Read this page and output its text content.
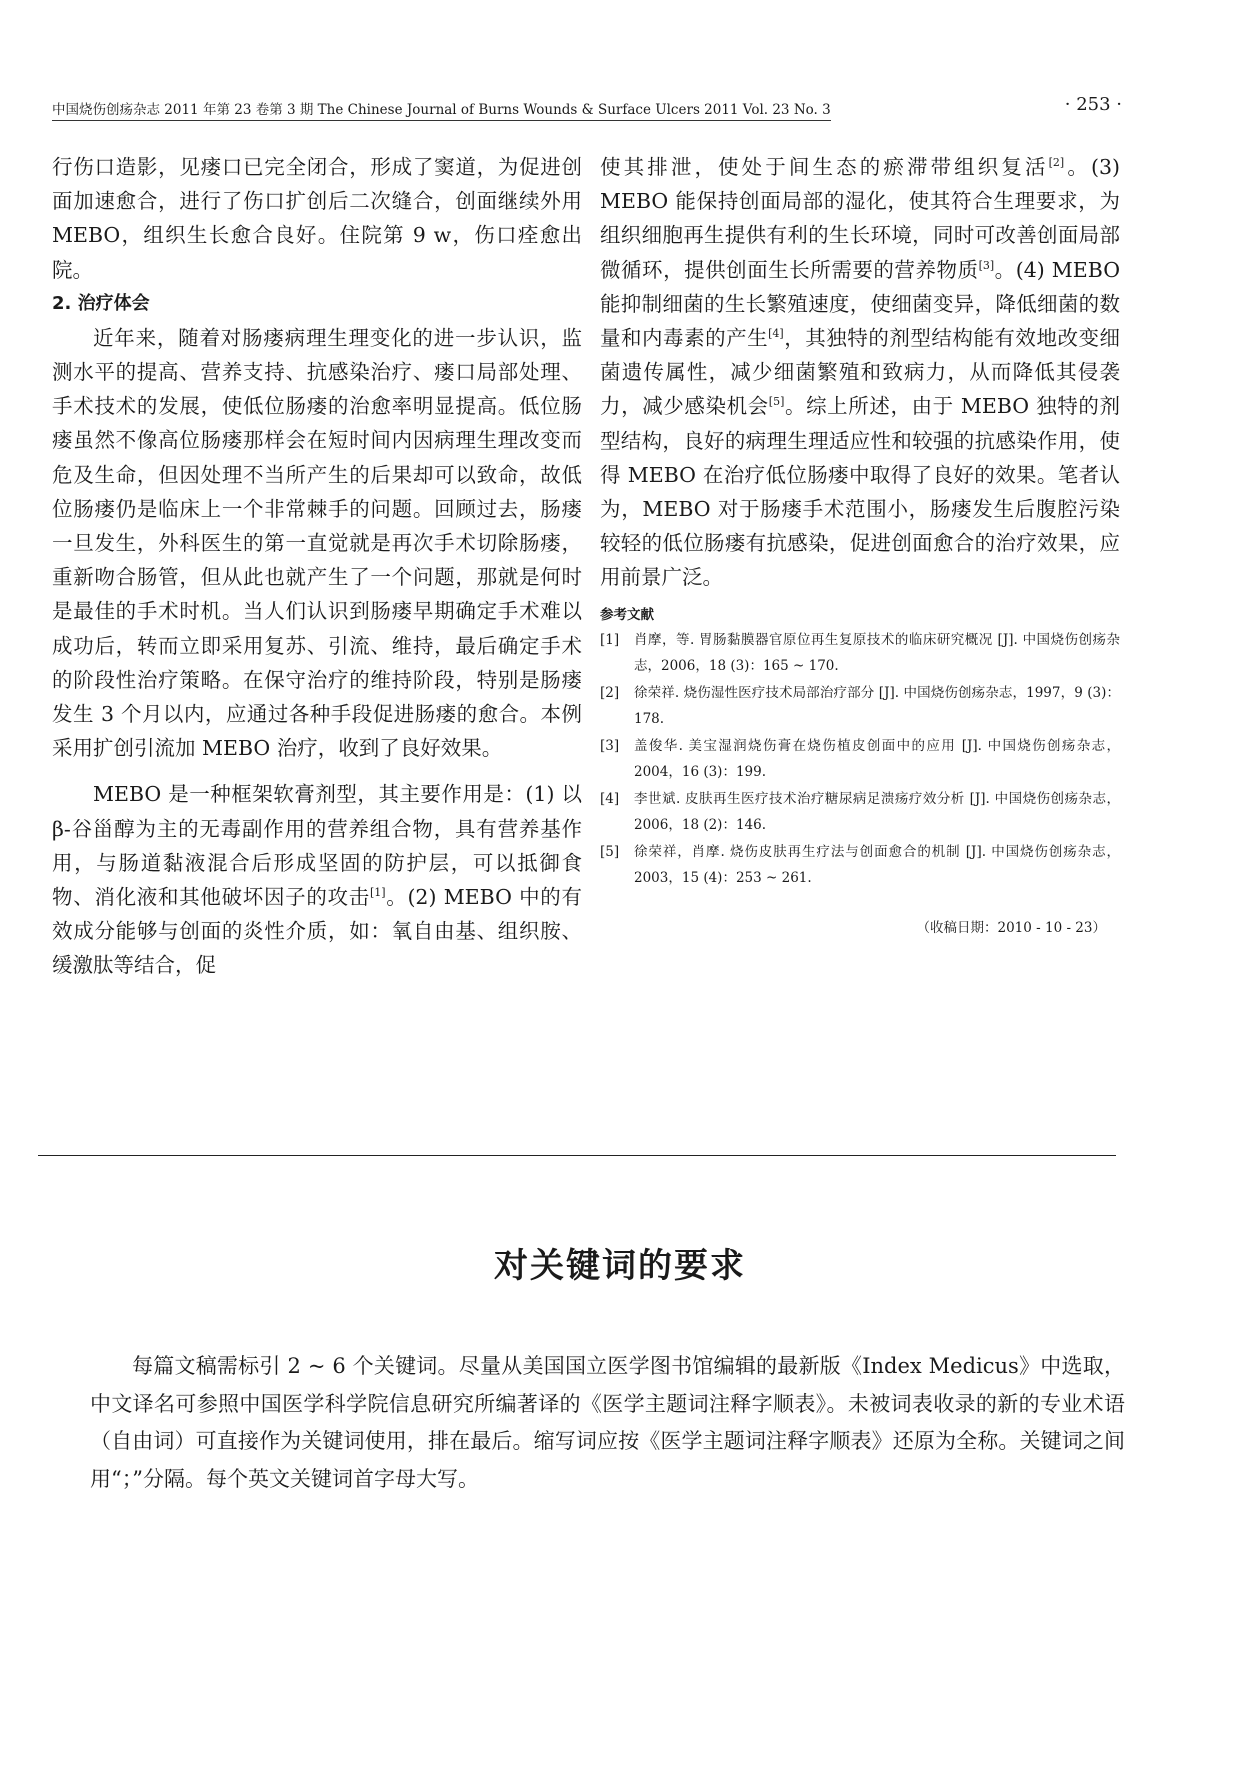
中国烧伤创疡杂志 2011 年第 23 卷第 3 期 The Chinese Journal of Burns Wounds & Surface Ulcers 2011 Vol. 23 No. 3	· 253 ·

行伤口造影，见瘘口已完全闭合，形成了窦道，为促进创面加速愈合，进行了伤口扩创后二次缝合，创面继续外用 MEBO，组织生长愈合良好。住院第 9 w，伤口痊愈出院。

2. 治疗体会

近年来，随着对肠瘘病理生理变化的进一步认识，监测水平的提高、营养支持、抗感染治疗、瘘口局部处理、手术技术的发展，使低位肠瘘的治愈率明显提高。低位肠瘘虽然不像高位肠瘘那样会在短时间内因病理生理改变而危及生命，但因处理不当所产生的后果却可以致命，故低位肠瘘仍是临床上一个非常棘手的问题。回顾过去，肠瘘一旦发生，外科医生的第一直觉就是再次手术切除肠瘘，重新吻合肠管，但从此也就产生了一个问题，那就是何时是最佳的手术时机。当人们认识到肠瘘早期确定手术难以成功后，转而立即采用复苏、引流、维持，最后确定手术的阶段性治疗策略。在保守治疗的维持阶段，特别是肠瘘发生 3 个月以内，应通过各种手段促进肠瘘的愈合。本例采用扩创引流加 MEBO 治疗，收到了良好效果。

MEBO 是一种框架软膏剂型，其主要作用是：(1) 以 β-谷甾醇为主的无毒副作用的营养组合物，具有营养基作用，与肠道黏液混合后形成坚固的防护层，可以抵御食物、消化液和其他破坏因子的攻击[1]。(2) MEBO 中的有效成分能够与创面的炎性介质，如：氧自由基、组织胺、缓激肽等结合，促

使其排泄，使处于间生态的瘀滞带组织复活[2]。(3) MEBO 能保持创面局部的湿化，使其符合生理要求，为组织细胞再生提供有利的生长环境，同时可改善创面局部微循环，提供创面生长所需要的营养物质[3]。(4) MEBO 能抑制细菌的生长繁殖速度，使细菌变异，降低细菌的数量和内毒素的产生[4]，其独特的剂型结构能有效地改变细菌遗传属性，减少细菌繁殖和致病力，从而降低其侵袭力，减少感染机会[5]。综上所述，由于 MEBO 独特的剂型结构，良好的病理生理适应性和较强的抗感染作用，使得 MEBO 在治疗低位肠瘘中取得了良好的效果。笔者认为，MEBO 对于肠瘘手术范围小，肠瘘发生后腹腔污染较轻的低位肠瘘有抗感染，促进创面愈合的治疗效果，应用前景广泛。

参考文献
[1]	肖摩，等. 胃肠黏膜器官原位再生复原技术的临床研究概况 [J]. 中国烧伤创疡杂志，2006，18 (3)：165 ~ 170.
[2]	徐荣祥. 烧伤湿性医疗技术局部治疗部分 [J]. 中国烧伤创疡杂志，1997，9 (3)：178.
[3]	盖俊华. 美宝湿润烧伤膏在烧伤植皮创面中的应用 [J]. 中国烧伤创疡杂志，2004，16 (3)：199.
[4]	李世斌. 皮肤再生医疗技术治疗糖尿病足溃疡疗效分析 [J]. 中国烧伤创疡杂志，2006，18 (2)：146.
[5]	徐荣祥，肖摩. 烧伤皮肤再生疗法与创面愈合的机制 [J]. 中国烧伤创疡杂志，2003，15 (4)：253 ~ 261.
（收稿日期：2010 - 10 - 23）
对关键词的要求

每篇文稿需标引 2 ~ 6 个关键词。尽量从美国国立医学图书馆编辑的最新版《Index Medicus》中选取，中文译名可参照中国医学科学院信息研究所编著译的《医学主题词注释字顺表》。未被词表收录的新的专业术语（自由词）可直接作为关键词使用，排在最后。缩写词应按《医学主题词注释字顺表》还原为全称。关键词之间用“；”分隔。每个英文关键词首字母大写。
